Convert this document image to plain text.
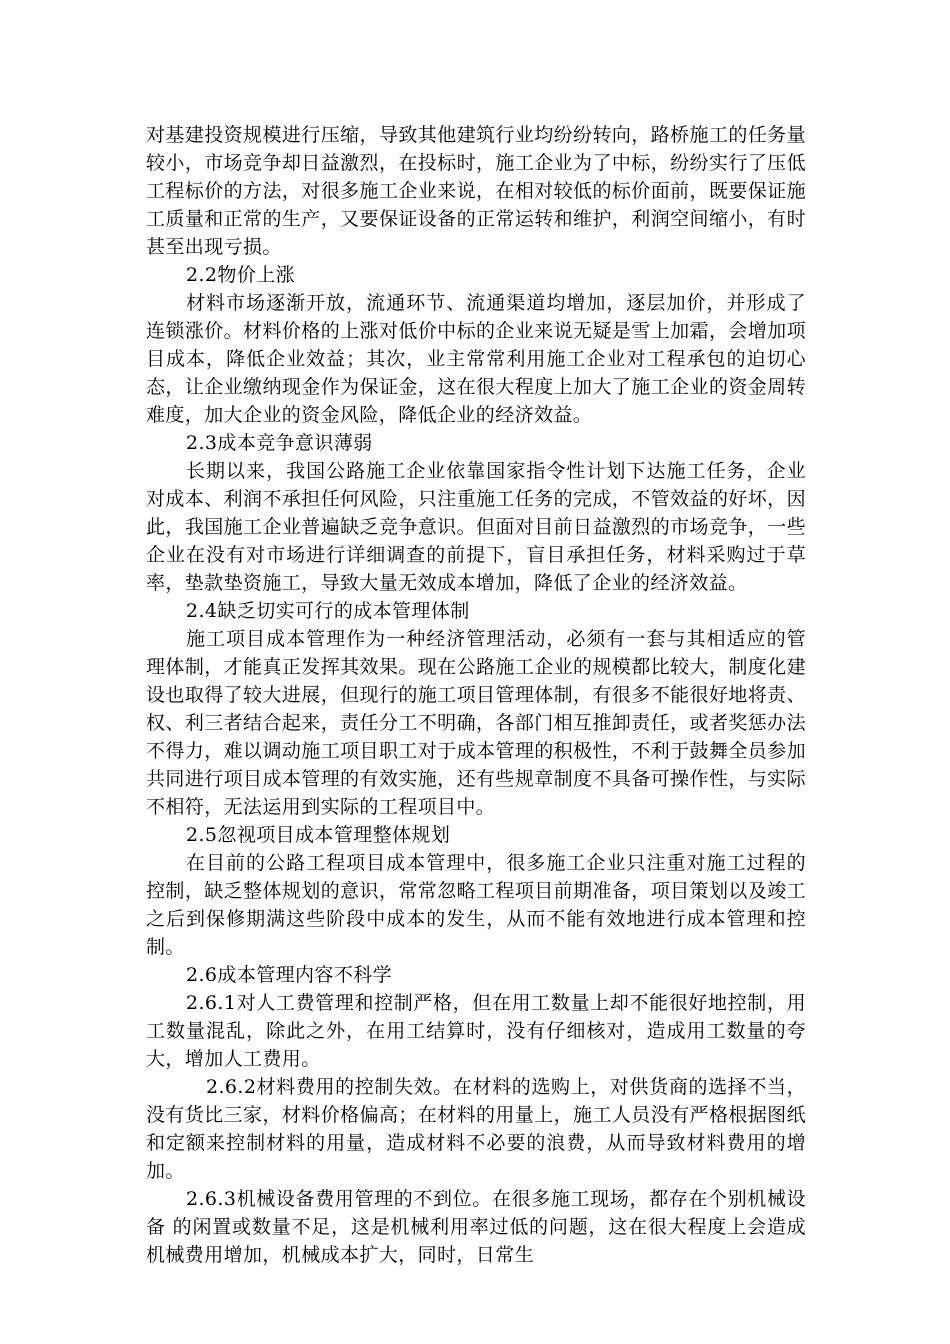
对基建投资规模进行压缩，导致其他建筑行业均纷纷转向，路桥施工的任务量较小，市场竞争却日益激烈，在投标时，施工企业为了中标，纷纷实行了压低工程标价的方法，对很多施工企业来说，在相对较低的标价面前，既要保证施工质量和正常的生产，又要保证设备的正常运转和维护，利润空间缩小，有时甚至出现亏损。

2.2物价上涨

材料市场逐渐开放，流通环节、流通渠道均增加，逐层加价，并形成了连锁涨价。材料价格的上涨对低价中标的企业来说无疑是雪上加霜，会增加项目成本，降低企业效益；其次，业主常常利用施工企业对工程承包的迫切心态，让企业缴纳现金作为保证金，这在很大程度上加大了施工企业的资金周转难度，加大企业的资金风险，降低企业的经济效益。

2.3成本竞争意识薄弱

长期以来，我国公路施工企业依靠国家指令性计划下达施工任务，企业对成本、利润不承担任何风险，只注重施工任务的完成，不管效益的好坏，因此，我国施工企业普遍缺乏竞争意识。但面对目前日益激烈的市场竞争，一些企业在没有对市场进行详细调查的前提下，盲目承担任务，材料采购过于草率，垫款垫资施工，导致大量无效成本增加，降低了企业的经济效益。

2.4缺乏切实可行的成本管理体制

施工项目成本管理作为一种经济管理活动，必须有一套与其相适应的管理体制，才能真正发挥其效果。现在公路施工企业的规模都比较大，制度化建设也取得了较大进展，但现行的施工项目管理体制，有很多不能很好地将责、权、利三者结合起来，责任分工不明确，各部门相互推卸责任，或者奖惩办法不得力，难以调动施工项目职工对于成本管理的积极性，不利于鼓舞全员参加共同进行项目成本管理的有效实施，还有些规章制度不具备可操作性，与实际不相符，无法运用到实际的工程项目中。

2.5忽视项目成本管理整体规划

在目前的公路工程项目成本管理中，很多施工企业只注重对施工过程的控制，缺乏整体规划的意识，常常忽略工程项目前期准备，项目策划以及竣工之后到保修期满这些阶段中成本的发生，从而不能有效地进行成本管理和控制。

2.6成本管理内容不科学

2.6.1对人工费管理和控制严格，但在用工数量上却不能很好地控制，用工数量混乱，除此之外，在用工结算时，没有仔细核对，造成用工数量的夸大，增加人工费用。

2.6.2材料费用的控制失效。在材料的选购上，对供货商的选择不当，没有货比三家，材料价格偏高；在材料的用量上，施工人员没有严格根据图纸和定额来控制材料的用量，造成材料不必要的浪费，从而导致材料费用的增加。

2.6.3机械设备费用管理的不到位。在很多施工现场，都存在个别机械设备 的闲置或数量不足，这是机械利用率过低的问题，这在很大程度上会造成机械费用增加，机械成本扩大，同时，日常生
